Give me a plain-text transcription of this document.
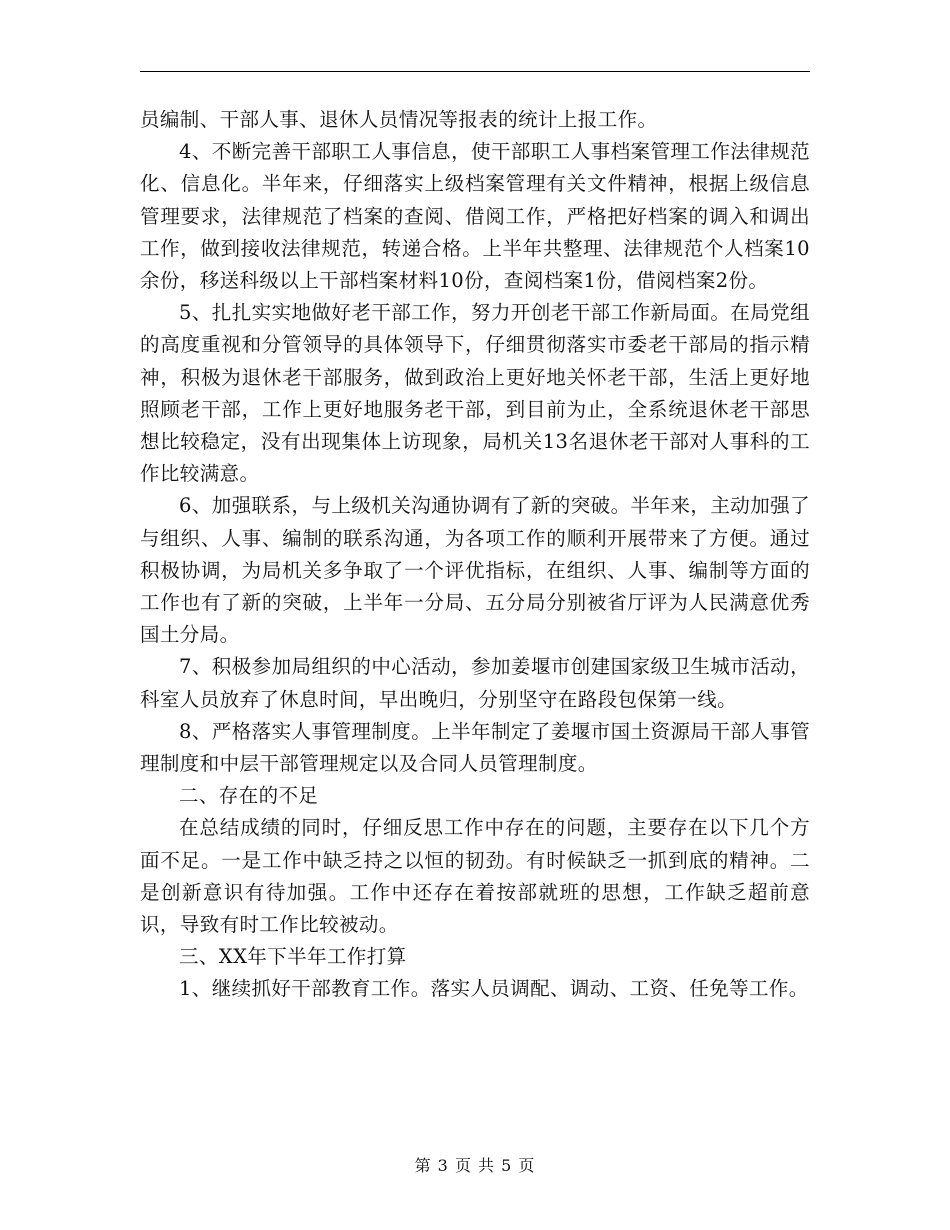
员编制、干部人事、退休人员情况等报表的统计上报工作。

4、不断完善干部职工人事信息，使干部职工人事档案管理工作法律规范化、信息化。半年来，仔细落实上级档案管理有关文件精神，根据上级信息管理要求，法律规范了档案的查阅、借阅工作，严格把好档案的调入和调出工作，做到接收法律规范，转递合格。上半年共整理、法律规范个人档案10余份，移送科级以上干部档案材料10份，查阅档案1份，借阅档案2份。

5、扎扎实实地做好老干部工作，努力开创老干部工作新局面。在局党组的高度重视和分管领导的具体领导下，仔细贯彻落实市委老干部局的指示精神，积极为退休老干部服务，做到政治上更好地关怀老干部，生活上更好地照顾老干部，工作上更好地服务老干部，到目前为止，全系统退休老干部思想比较稳定，没有出现集体上访现象，局机关13名退休老干部对人事科的工作比较满意。

6、加强联系，与上级机关沟通协调有了新的突破。半年来，主动加强了与组织、人事、编制的联系沟通，为各项工作的顺利开展带来了方便。通过积极协调，为局机关多争取了一个评优指标，在组织、人事、编制等方面的工作也有了新的突破，上半年一分局、五分局分别被省厅评为人民满意优秀国土分局。

7、积极参加局组织的中心活动，参加姜堰市创建国家级卫生城市活动，科室人员放弃了休息时间，早出晚归，分别坚守在路段包保第一线。

8、严格落实人事管理制度。上半年制定了姜堰市国土资源局干部人事管理制度和中层干部管理规定以及合同人员管理制度。

二、存在的不足

在总结成绩的同时，仔细反思工作中存在的问题，主要存在以下几个方面不足。一是工作中缺乏持之以恒的韧劲。有时候缺乏一抓到底的精神。二是创新意识有待加强。工作中还存在着按部就班的思想，工作缺乏超前意识，导致有时工作比较被动。

三、XX年下半年工作打算

1、继续抓好干部教育工作。落实人员调配、调动、工资、任免等工作。

第 3 页 共 5 页
